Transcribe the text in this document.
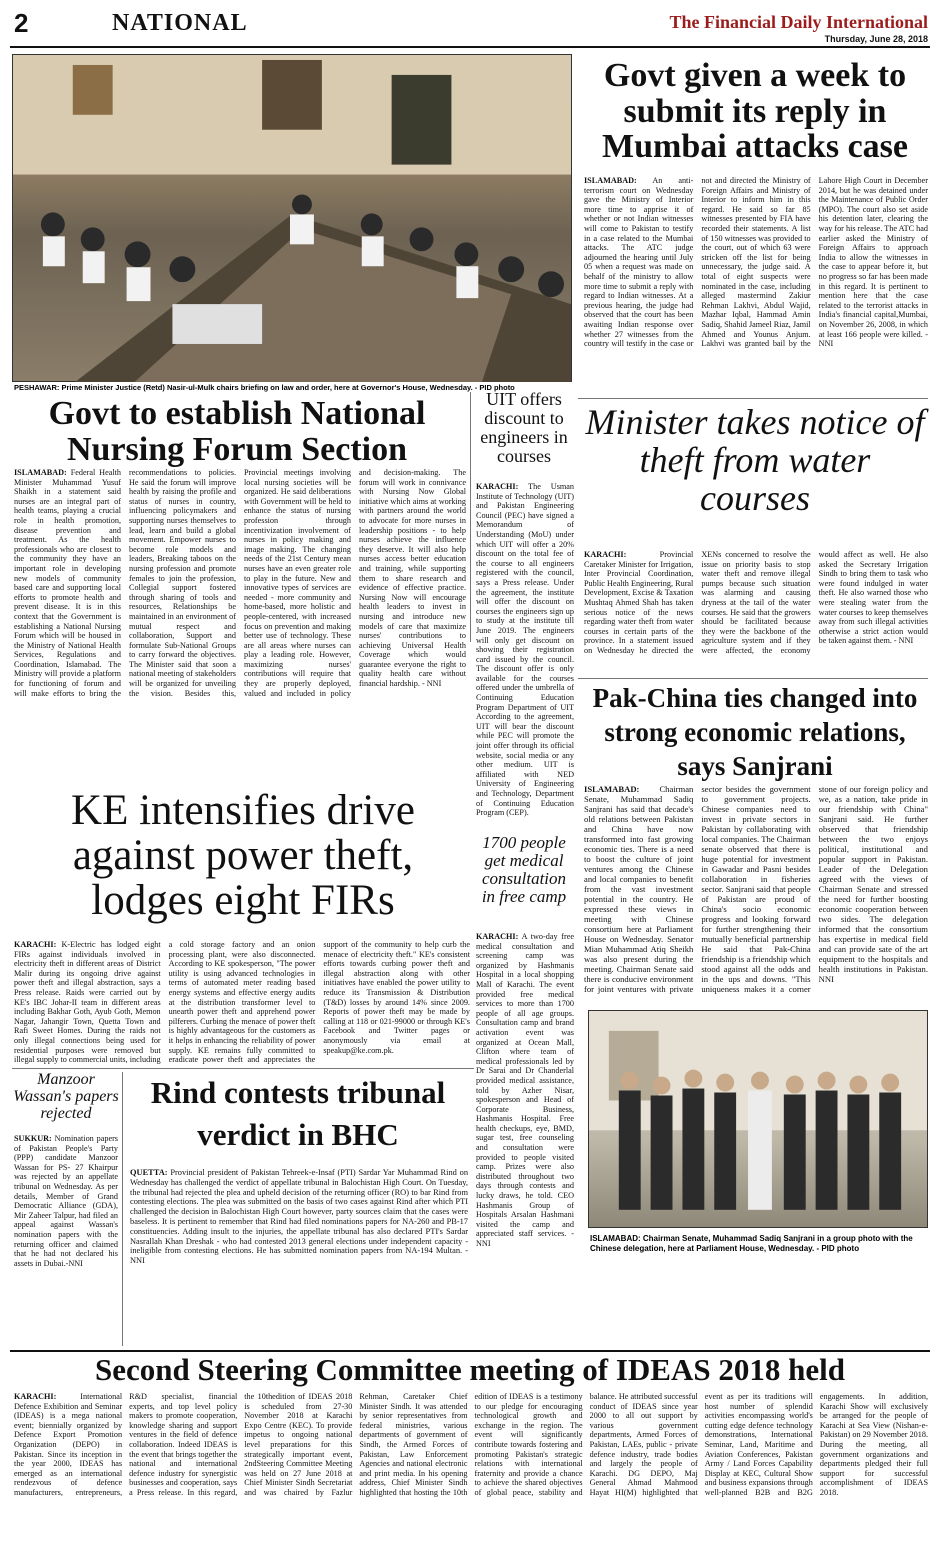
2	NATIONAL	The Financial Daily International
Thursday, June 28, 2018
PESHAWAR: Prime Minister Justice (Retd) Nasir-ul-Mulk chairs briefing on law and order, here at Governor's House, Wednesday. - PID photo
Govt given a week to submit its reply in Mumbai attacks case
ISLAMABAD: An anti-terrorism court on Wednesday gave the Ministry of Interior more time to apprise it of whether or not Indian witnesses will come to Pakistan to testify in a case related to the Mumbai attacks. The ATC judge adjourned the hearing until July 05 when a request was made on behalf of the ministry to allow more time to submit a reply with regard to Indian witnesses. At a previous hearing, the judge had observed that the court has been awaiting Indian response over whether 27 witnesses from the country will testify in the case or not and directed the Ministry of Foreign Affairs and Ministry of Interior to inform him in this regard. He said so far 85 witnesses presented by FIA have recorded their statements. A list of 150 witnesses was provided to the court, out of which 63 were stricken off the list for being unnecessary, the judge said. A total of eight suspects were nominated in the case, including alleged mastermind Zakiur Rehman Lakhvi, Abdul Wajid, Mazhar Iqbal, Hammad Amin Sadiq, Shahid Jameel Riaz, Jamil Ahmed and Younus Anjum. Lakhvi was granted bail by the Lahore High Court in December 2014, but he was detained under the Maintenance of Public Order (MPO). The court also set aside his detention later, clearing the way for his release. The ATC had earlier asked the Ministry of Foreign Affairs to approach India to allow the witnesses in the case to appear before it, but no progress so far has been made in this regard. It is pertinent to mention here that the case related to the terrorist attacks in India's financial capital,Mumbai, on November 26, 2008, in which at least 166 people were killed. - NNI
Govt to establish National Nursing Forum Section
ISLAMABAD: Federal Health Minister Muhammad Yusuf Shaikh in a statement said nurses are an integral part of health teams, playing a crucial role in health promotion, disease prevention and treatment. As the health professionals who are closest to the community they have an important role in developing new models of community based care and supporting local efforts to promote health and prevent disease. It is in this context that the Government is establishing a National Nursing Forum which will be housed in the Ministry of National Health Services, Regulations and Coordination, Islamabad. The Ministry will provide a platform for functioning of forum and will make efforts to bring the recommendations to policies. He said the forum will improve health by raising the profile and status of nurses in country, influencing policymakers and supporting nurses themselves to lead, learn and build a global movement. Empower nurses to become role models and leaders, Breaking taboos on the nursing profession and promote females to join the profession, Collegial support fostered through sharing of tools and resources, Relationships be maintained in an environment of mutual respect and collaboration, Support and formulate Sub-National Groups to carry forward the objectives. The Minister said that soon a national meeting of stakeholders will be organized for unveiling the vision. Besides this, Provincial meetings involving local nursing societies will be organized. He said deliberations with Government will be held to enhance the status of nursing profession through incentivization involvement of nurses in policy making and image making. The changing needs of the 21st Century mean nurses have an even greater role to play in the future. New and innovative types of services are needed - more community and home-based, more holistic and people-centered, with increased focus on prevention and making better use of technology. These are all areas where nurses can play a leading role. However, maximizing nurses' contributions will require that they are properly deployed, valued and included in policy and decision-making. The forum will work in connivance with Nursing Now Global initiative which aims at working with partners around the world to advocate for more nurses in leadership positions - to help nurses achieve the influence they deserve. It will also help nurses access better education and training, while supporting them to share research and evidence of effective practice. Nursing Now will encourage health leaders to invest in nursing and introduce new models of care that maximize nurses' contributions to achieving Universal Health Coverage which would guarantee everyone the right to quality health care without financial hardship. - NNI
UIT offers discount to engineers in courses
KARACHI: The Usman Institute of Technology (UIT) and Pakistan Engineering Council (PEC) have signed a Memorandum of Understanding (MoU) under which UIT will offer a 20% discount on the total fee of the course to all engineers registered with the council, says a Press release. Under the agreement, the institute will offer the discount on courses the engineers sign up to study at the institute till June 2019. The engineers will only get discount on showing their registration card issued by the council. The discount offer is only available for the courses offered under the umbrella of Continuing Education Program Department of UIT According to the agreement, UIT will bear the discount while PEC will promote the joint offer through its official website, social media or any other medium. UIT is affiliated with NED University of Engineering and Technology, Department of Continuing Education Program (CEP).
Minister takes notice of theft from water courses
KARACHI:	Provincial Caretaker Minister for Irrigation, Inter Provincial Coordination, Public Health Engineering, Rural Development, Excise & Taxation Mushtaq Ahmed Shah has taken serious notice of the news regarding water theft from water courses in certain parts of the province. In a statement issued on Wednesday he directed the XENs concerned to resolve the issue on priority basis to stop water theft and remove illegal pumps because such situation was alarming and causing dryness at the tail of the water courses. He said that the growers should be facilitated because they were the backbone of the agriculture system and if they were affected, the economy would affect as well. He also asked the Secretary Irrigation Sindh to bring them to task who were found indulged in water theft. He also warned those who were stealing water from the water courses to keep themselves away from such illegal activities otherwise a strict action would be taken against them. - NNI
Pak-China ties changed into strong economic relations, says Sanjrani
ISLAMABAD: Chairman Senate, Muhammad Sadiq Sanjrani has said that decade's old relations between Pakistan and China have now transformed into fast growing economic ties. There is a need to boost the culture of joint ventures among the Chinese and local companies to benefit from the vast investment potential in the country. He expressed these views in meeting with Chinese consortium here at Parliament House on Wednesday. Senator Mian Muhammad Atiq Sheikh was also present during the meeting. Chairman Senate said there is conducive environment for joint ventures with private sector besides the government to government projects. Chinese companies need to invest in private sectors in Pakistan by collaborating with local companies. The Chairman senate observed that there is huge potential for investment in Gawadar and Pasni besides collaboration in fisheries sector. Sanjrani said that people of Pakistan are proud of China's socio economic progress and looking forward for further strengthening their mutually beneficial partnership He said that Pak-China friendship is a friendship which stood against all the odds and in the ups and downs. "This uniqueness makes it a corner stone of our foreign policy and we, as a nation, take pride in our friendship with China" Sanjrani said. He further observed that friendship between the two enjoys political, institutional and popular support in Pakistan. Leader of the Delegation agreed with the views of Chairman Senate and stressed the need for further boosting economic cooperation between two sides. The delegation informed that the consortium has expertise in medical field and can provide sate of the art equipment to the hospitals and health institutions in Pakistan. NNI
KE intensifies drive against power theft, lodges eight FIRs
KARACHI: K-Electric has lodged eight FIRs against individuals involved in electricity theft in different areas of District Malir during its ongoing drive against power theft and illegal abstraction, says a Press release. Raids were carried out by KE's IBC Johar-II team in different areas including Bakhar Goth, Ayub Goth, Memon Nagar, Jahangir Town, Quetta Town and Rafi Sweet Homes. During the raids not only illegal connections being used for residential purposes were removed but illegal supply to commercial units, including a cold storage factory and an onion processing plant, were also disconnected. According to KE spokesperson, "The power utility is using advanced technologies in terms of automated meter reading based energy systems and effective energy audits at the distribution transformer level to unearth power theft and apprehend power pilferers. Curbing the menace of power theft is highly advantageous for the customers as it helps in enhancing the reliability of power supply. KE remains fully committed to eradicate power theft and appreciates the support of the community to help curb the menace of electricity theft." KE's consistent efforts towards curbing power theft and illegal abstraction along with other initiatives have enabled the power utility to reduce its Transmission & Distribution (T&D) losses by around 14% since 2009. Reports of power theft may be made by calling at 118 or 021-99000 or through KE's Facebook and Twitter pages or anonymously via email at speakup@ke.com.pk.
1700 people get medical consultation in free camp
KARACHI: A two-day free medical consultation and screening camp was organized by Hashmanis Hospital in a local shopping Mall of Karachi. The event provided free medical services to more than 1700 people of all age groups. Consultation camp and brand activation event was organized at Ocean Mall, Clifton where team of medical professionals led by Dr Sarai and Dr Chanderlal provided medical assistance, told by Azher Nisar, spokesperson and Head of Corporate Business, Hashmanis Hospital. Free health checkups, eye, BMD, sugar test, free counseling and consultation were provided to people visited camp. Prizes were also distributed throughout two days through contests and lucky draws, he told. CEO Hashmanis Group of Hospitals Arsalan Hashmani visited the camp and appreciated staff services. - NNI
Manzoor Wassan's papers rejected
SUKKUR: Nomination papers of Pakistan People's Party (PPP) candidate Manzoor Wassan for PS- 27 Khairpur was rejected by an appellate tribunal on Wednesday. As per details, Member of Grand Democratic Alliance (GDA), Mir Zaheer Talpur, had filed an appeal against Wassan's nomination papers with the returning officer and claimed that he had not declared his assets in Dubai.-NNI
Rind contests tribunal verdict in BHC
QUETTA: Provincial president of Pakistan Tehreek-e-Insaf (PTI) Sardar Yar Muhammad Rind on Wednesday has challenged the verdict of appellate tribunal in Balochistan High Court. On Tuesday, the tribunal had rejected the plea and upheld decision of the returning officer (RO) to bar Rind from contesting elections. The plea was submitted on the basis of two cases against Rind after which PTI challenged the decision in Balochistan High Court however, party sources claim that the cases were baseless. It is pertinent to remember that Rind had filed nominations papers for NA-260 and PB-17 constituencies. Adding insult to the injuries, the appellate tribunal has also declared PTI's Sardar Nasrallah Khan Dreshak - who had contested 2013 general elections under independent capacity -ineligible from contesting elections. He has submitted nomination papers from NA-194 Multan. - NNI
ISLAMABAD: Chairman Senate, Muhammad Sadiq Sanjrani in a group photo with the Chinese delegation, here at Parliament House, Wednesday. - PID photo
Second Steering Committee meeting of IDEAS 2018 held
KARACHI:	International Defence Exhibition and Seminar (IDEAS) is a mega national event; biennially organized by Defence Export Promotion Organization (DEPO) in Pakistan. Since its inception in the year 2000, IDEAS has emerged as an international rendezvous of defence manufacturers, entrepreneurs, R&D specialist, financial experts, and top level policy makers to promote cooperation, knowledge sharing and support ventures in the field of defence collaboration. Indeed IDEAS is the event that brings together the national and international defence industry for synergistic businesses and cooperation, says a Press release. In this regard, the 10thedition of IDEAS 2018 is scheduled from 27-30 November 2018 at Karachi Expo Centre (KEC). To provide impetus to ongoing national level preparations for this strategically important event, 2ndSteering Committee Meeting was held on 27 June 2018 at Chief Minister Sindh Secretariat and was chaired by Fazlur Rehman, Caretaker Chief Minister Sindh. It was attended by senior representatives from federal ministries, various departments of government of Sindh, the Armed Forces of Pakistan, Law Enforcement Agencies and national electronic and print media. In his opening address, Chief Minister Sindh highlighted that hosting the 10th edition of IDEAS is a testimony to our pledge for encouraging technological growth and exchange in the region. The event will significantly contribute towards fostering and promoting Pakistan's strategic relations with international fraternity and provide a chance to achieve the shared objectives of global peace, stability and balance. He attributed successful conduct of IDEAS since year 2000 to all out support by various government departments, Armed Forces of Pakistan, LAEs, public - private defence industry, trade bodies and largely the people of Karachi. DG DEPO, Maj General Ahmad Mahmood Hayat HI(M) highlighted that event as per its traditions will host number of splendid activities encompassing world's cutting edge defence technology demonstrations, International Seminar, Land, Maritime and Aviation Conferences, Pakistan Army / Land Forces Capability Display at KEC, Cultural Show and business expansions through well-planned B2B and B2G engagements. In addition, Karachi Show will exclusively be arranged for the people of Karachi at Sea View (Nishan-e-Pakistan) on 29 November 2018. During the meeting, all government organizations and departments pledged their full support for successful accomplishment of IDEAS 2018.
